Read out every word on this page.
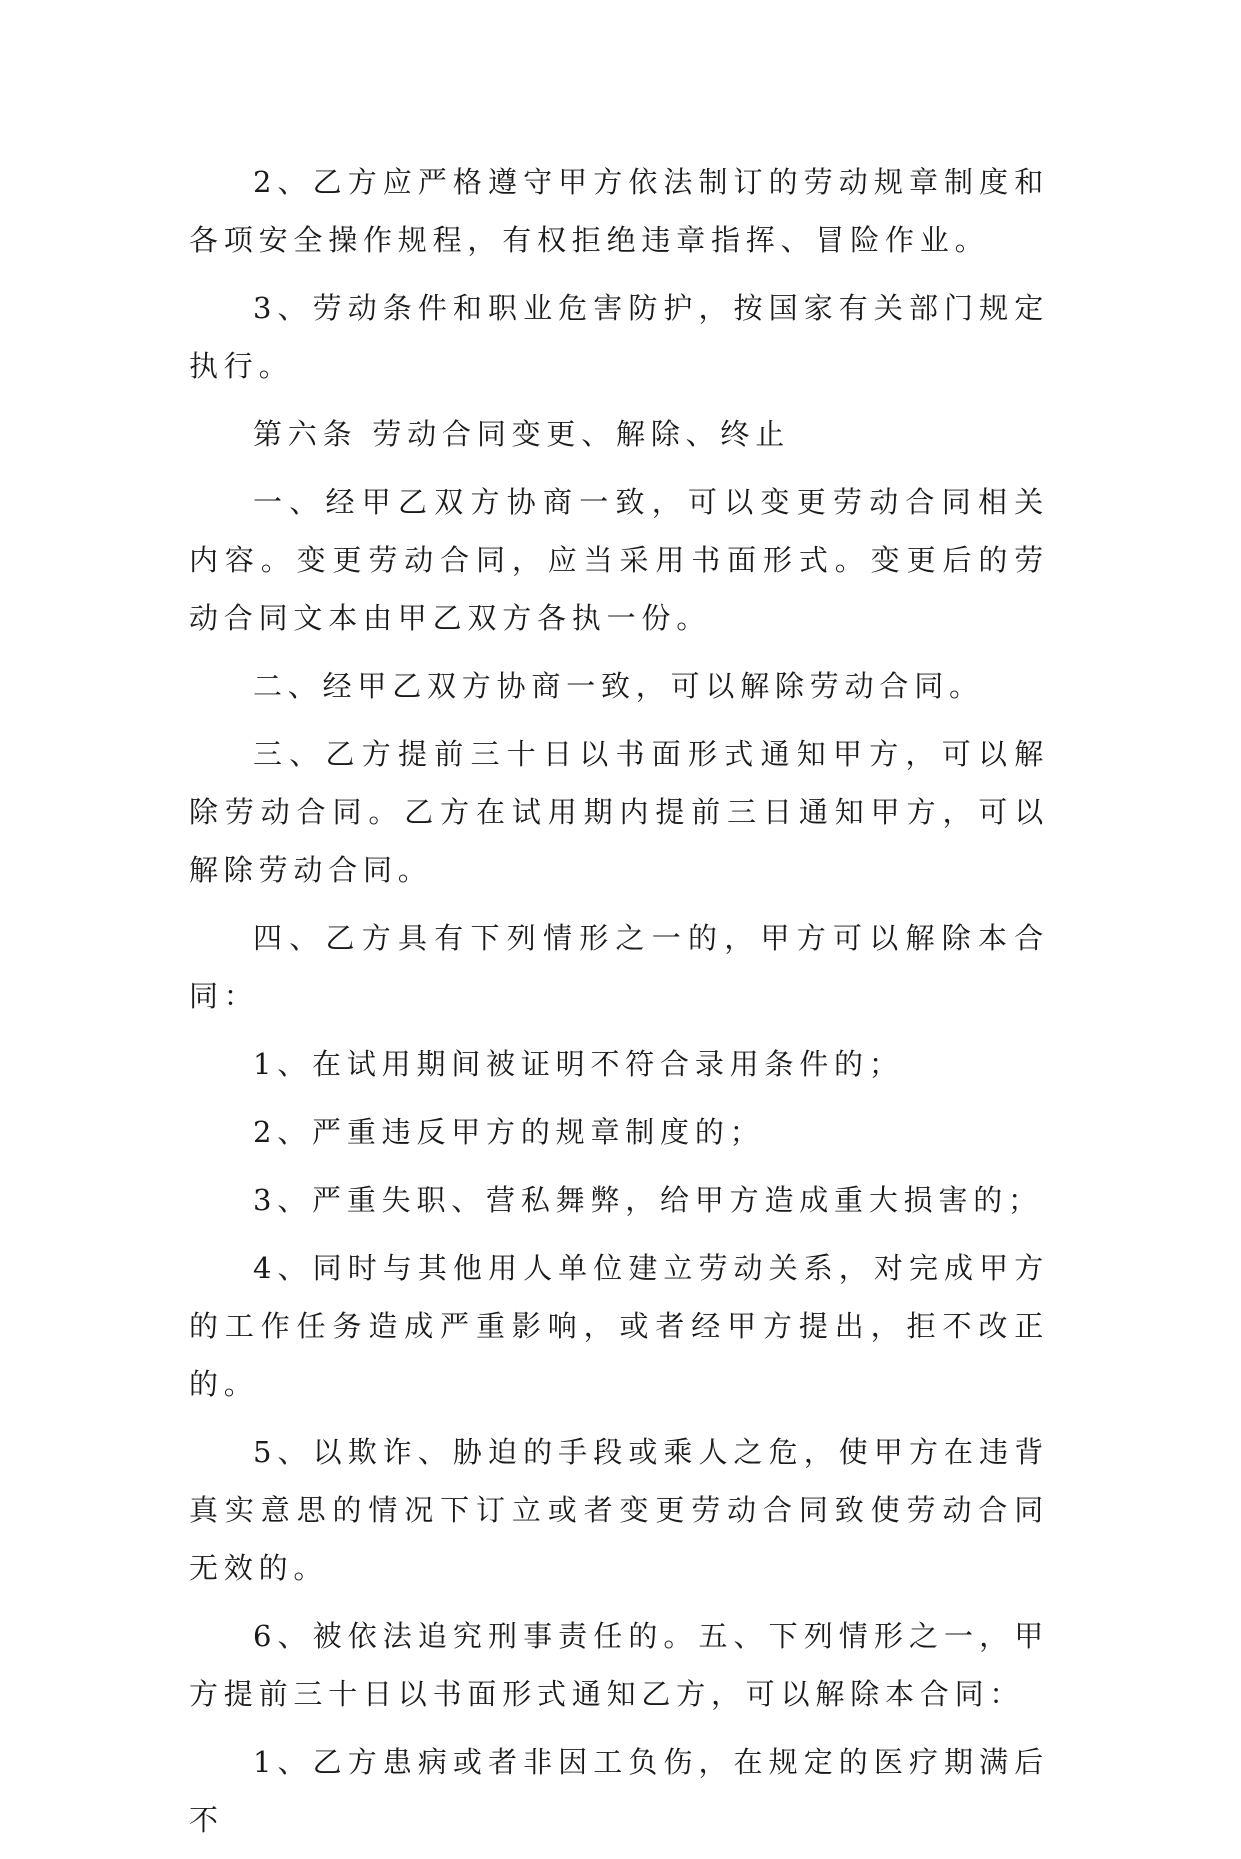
2、乙方应严格遵守甲方依法制订的劳动规章制度和各项安全操作规程，有权拒绝违章指挥、冒险作业。

3、劳动条件和职业危害防护，按国家有关部门规定执行。

第六条 劳动合同变更、解除、终止

一、经甲乙双方协商一致，可以变更劳动合同相关内容。变更劳动合同，应当采用书面形式。变更后的劳动合同文本由甲乙双方各执一份。

二、经甲乙双方协商一致，可以解除劳动合同。

三、乙方提前三十日以书面形式通知甲方，可以解除劳动合同。乙方在试用期内提前三日通知甲方，可以解除劳动合同。

四、乙方具有下列情形之一的，甲方可以解除本合同：

1、在试用期间被证明不符合录用条件的；

2、严重违反甲方的规章制度的；

3、严重失职、营私舞弊，给甲方造成重大损害的；

4、同时与其他用人单位建立劳动关系，对完成甲方的工作任务造成严重影响，或者经甲方提出，拒不改正的。

5、以欺诈、胁迫的手段或乘人之危，使甲方在违背真实意思的情况下订立或者变更劳动合同致使劳动合同无效的。

6、被依法追究刑事责任的。五、下列情形之一，甲方提前三十日以书面形式通知乙方，可以解除本合同：

1、乙方患病或者非因工负伤，在规定的医疗期满后不
